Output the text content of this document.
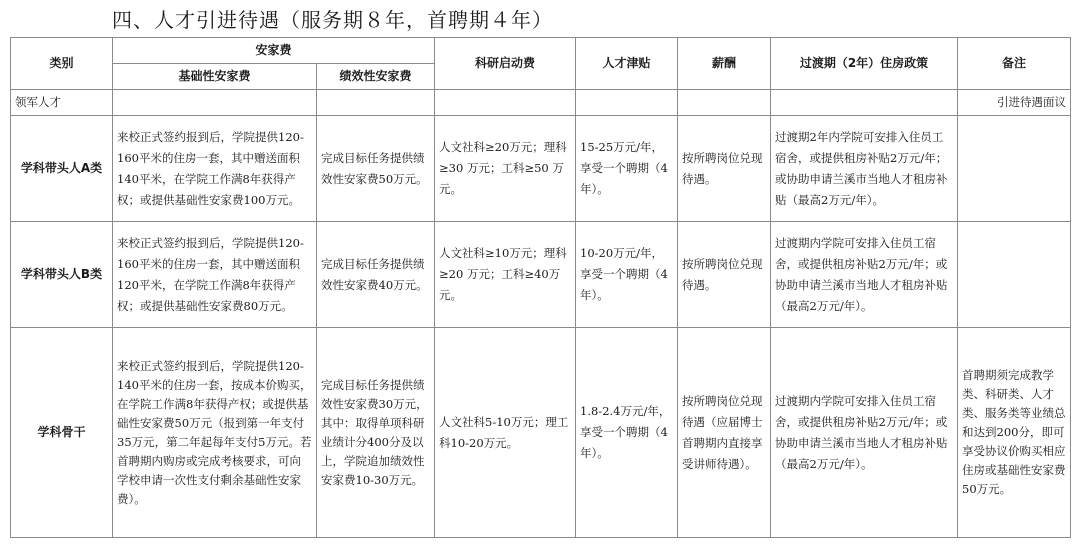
四、人才引进待遇（服务期８年，首聘期４年）
类别	安家费		科研启动费	人才津贴	薪酬	过渡期（2年）住房政策	备注
	基础性安家费	绩效性安家费					
领军人才							引进待遇面议
学科带头人A类	来校正式签约报到后，学院提供120-160平米的住房一套，其中赠送面积140平米，在学院工作满8年获得产权；或提供基础性安家费100万元。	完成目标任务提供绩效性安家费50万元。	人文社科≥20万元；理科≥30 万元；工科≥50 万元。	15-25万元/年，享受一个聘期（4年）。	按所聘岗位兑现待遇。	过渡期2年内学院可安排入住员工宿舍，或提供租房补贴2万元/年；或协助申请兰溪市当地人才租房补贴（最高2万元/年）。	
学科带头人B类	来校正式签约报到后，学院提供120-160平米的住房一套，其中赠送面积120平米，在学院工作满8年获得产权；或提供基础性安家费80万元。	完成目标任务提供绩效性安家费40万元。	人文社科≥10万元；理科≥20 万元；工科≥40万元。	10-20万元/年，享受一个聘期（4年）。	按所聘岗位兑现待遇。	过渡期内学院可安排入住员工宿舍，或提供租房补贴2万元/年；或协助申请兰溪市当地人才租房补贴（最高2万元/年）。	
学科骨干	来校正式签约报到后，学院提供120-140平米的住房一套，按成本价购买，在学院工作满8年获得产权；或提供基础性安家费50万元（报到第一年支付35万元，第二年起每年支付5万元。若首聘期内购房或完成考核要求，可向学校申请一次性支付剩余基础性安家费）。	完成目标任务提供绩效性安家费30万元，其中：取得单项科研业绩计分400分及以上，学院追加绩效性安家费10-30万元。	人文社科5-10万元；理工科10-20万元。	1.8-2.4万元/年，享受一个聘期（4年）。	按所聘岗位兑现待遇（应届博士首聘期内直接享受讲师待遇）。	过渡期内学院可安排入住员工宿舍，或提供租房补贴2万元/年；或协助申请兰溪市当地人才租房补贴（最高2万元/年）。	首聘期须完成教学类、科研类、人才类、服务类等业绩总和达到200分，即可享受协议价购买相应住房或基础性安家费50万元。
